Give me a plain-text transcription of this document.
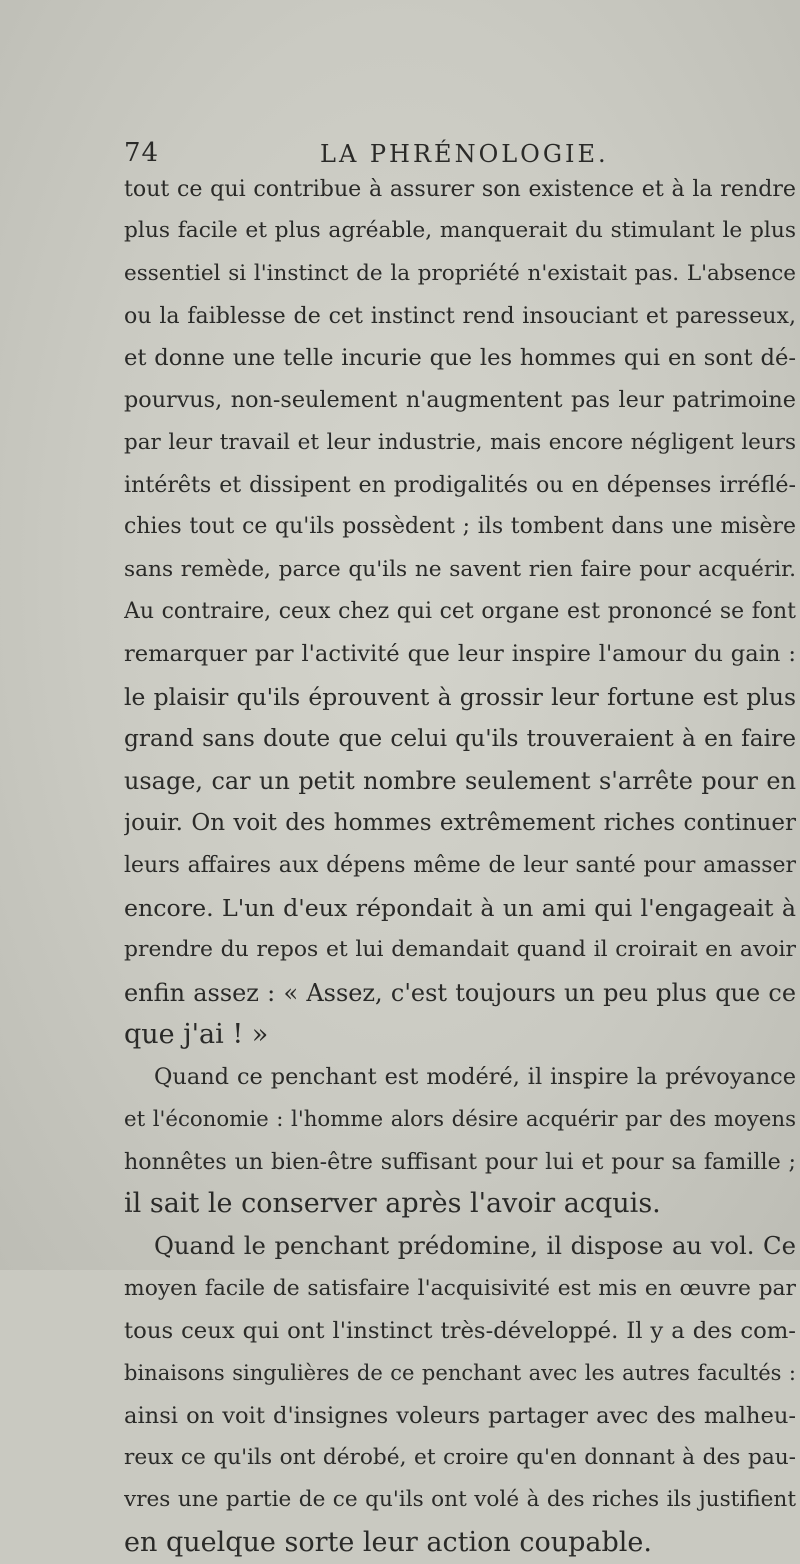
74	LA PHRÉNOLOGIE.
tout ce qui contribue à assurer son existence et à la rendre
plus facile et plus agréable, manquerait du stimulant le plus
essentiel si l'instinct de la propriété n'existait pas. L'absence
ou la faiblesse de cet instinct rend insouciant et paresseux,
et donne une telle incurie que les hommes qui en sont dé-
pourvus, non-seulement n'augmentent pas leur patrimoine
par leur travail et leur industrie, mais encore négligent leurs
intérêts et dissipent en prodigalités ou en dépenses irréflé-
chies tout ce qu'ils possèdent ; ils tombent dans une misère
sans remède, parce qu'ils ne savent rien faire pour acquérir.
Au contraire, ceux chez qui cet organe est prononcé se font
remarquer par l'activité que leur inspire l'amour du gain :
le plaisir qu'ils éprouvent à grossir leur fortune est plus
grand sans doute que celui qu'ils trouveraient à en faire
usage, car un petit nombre seulement s'arrête pour en
jouir. On voit des hommes extrêmement riches continuer
leurs affaires aux dépens même de leur santé pour amasser
encore. L'un d'eux répondait à un ami qui l'engageait à
prendre du repos et lui demandait quand il croirait en avoir
enfin assez : « Assez, c'est toujours un peu plus que ce
que j'ai ! »
Quand ce penchant est modéré, il inspire la prévoyance
et l'économie : l'homme alors désire acquérir par des moyens
honnêtes un bien-être suffisant pour lui et pour sa famille ;
il sait le conserver après l'avoir acquis.
Quand le penchant prédomine, il dispose au vol. Ce
moyen facile de satisfaire l'acquisivité est mis en œuvre par
tous ceux qui ont l'instinct très-développé. Il y a des com-
binaisons singulières de ce penchant avec les autres facultés :
ainsi on voit d'insignes voleurs partager avec des malheu-
reux ce qu'ils ont dérobé, et croire qu'en donnant à des pau-
vres une partie de ce qu'ils ont volé à des riches ils justifient
en quelque sorte leur action coupable.
